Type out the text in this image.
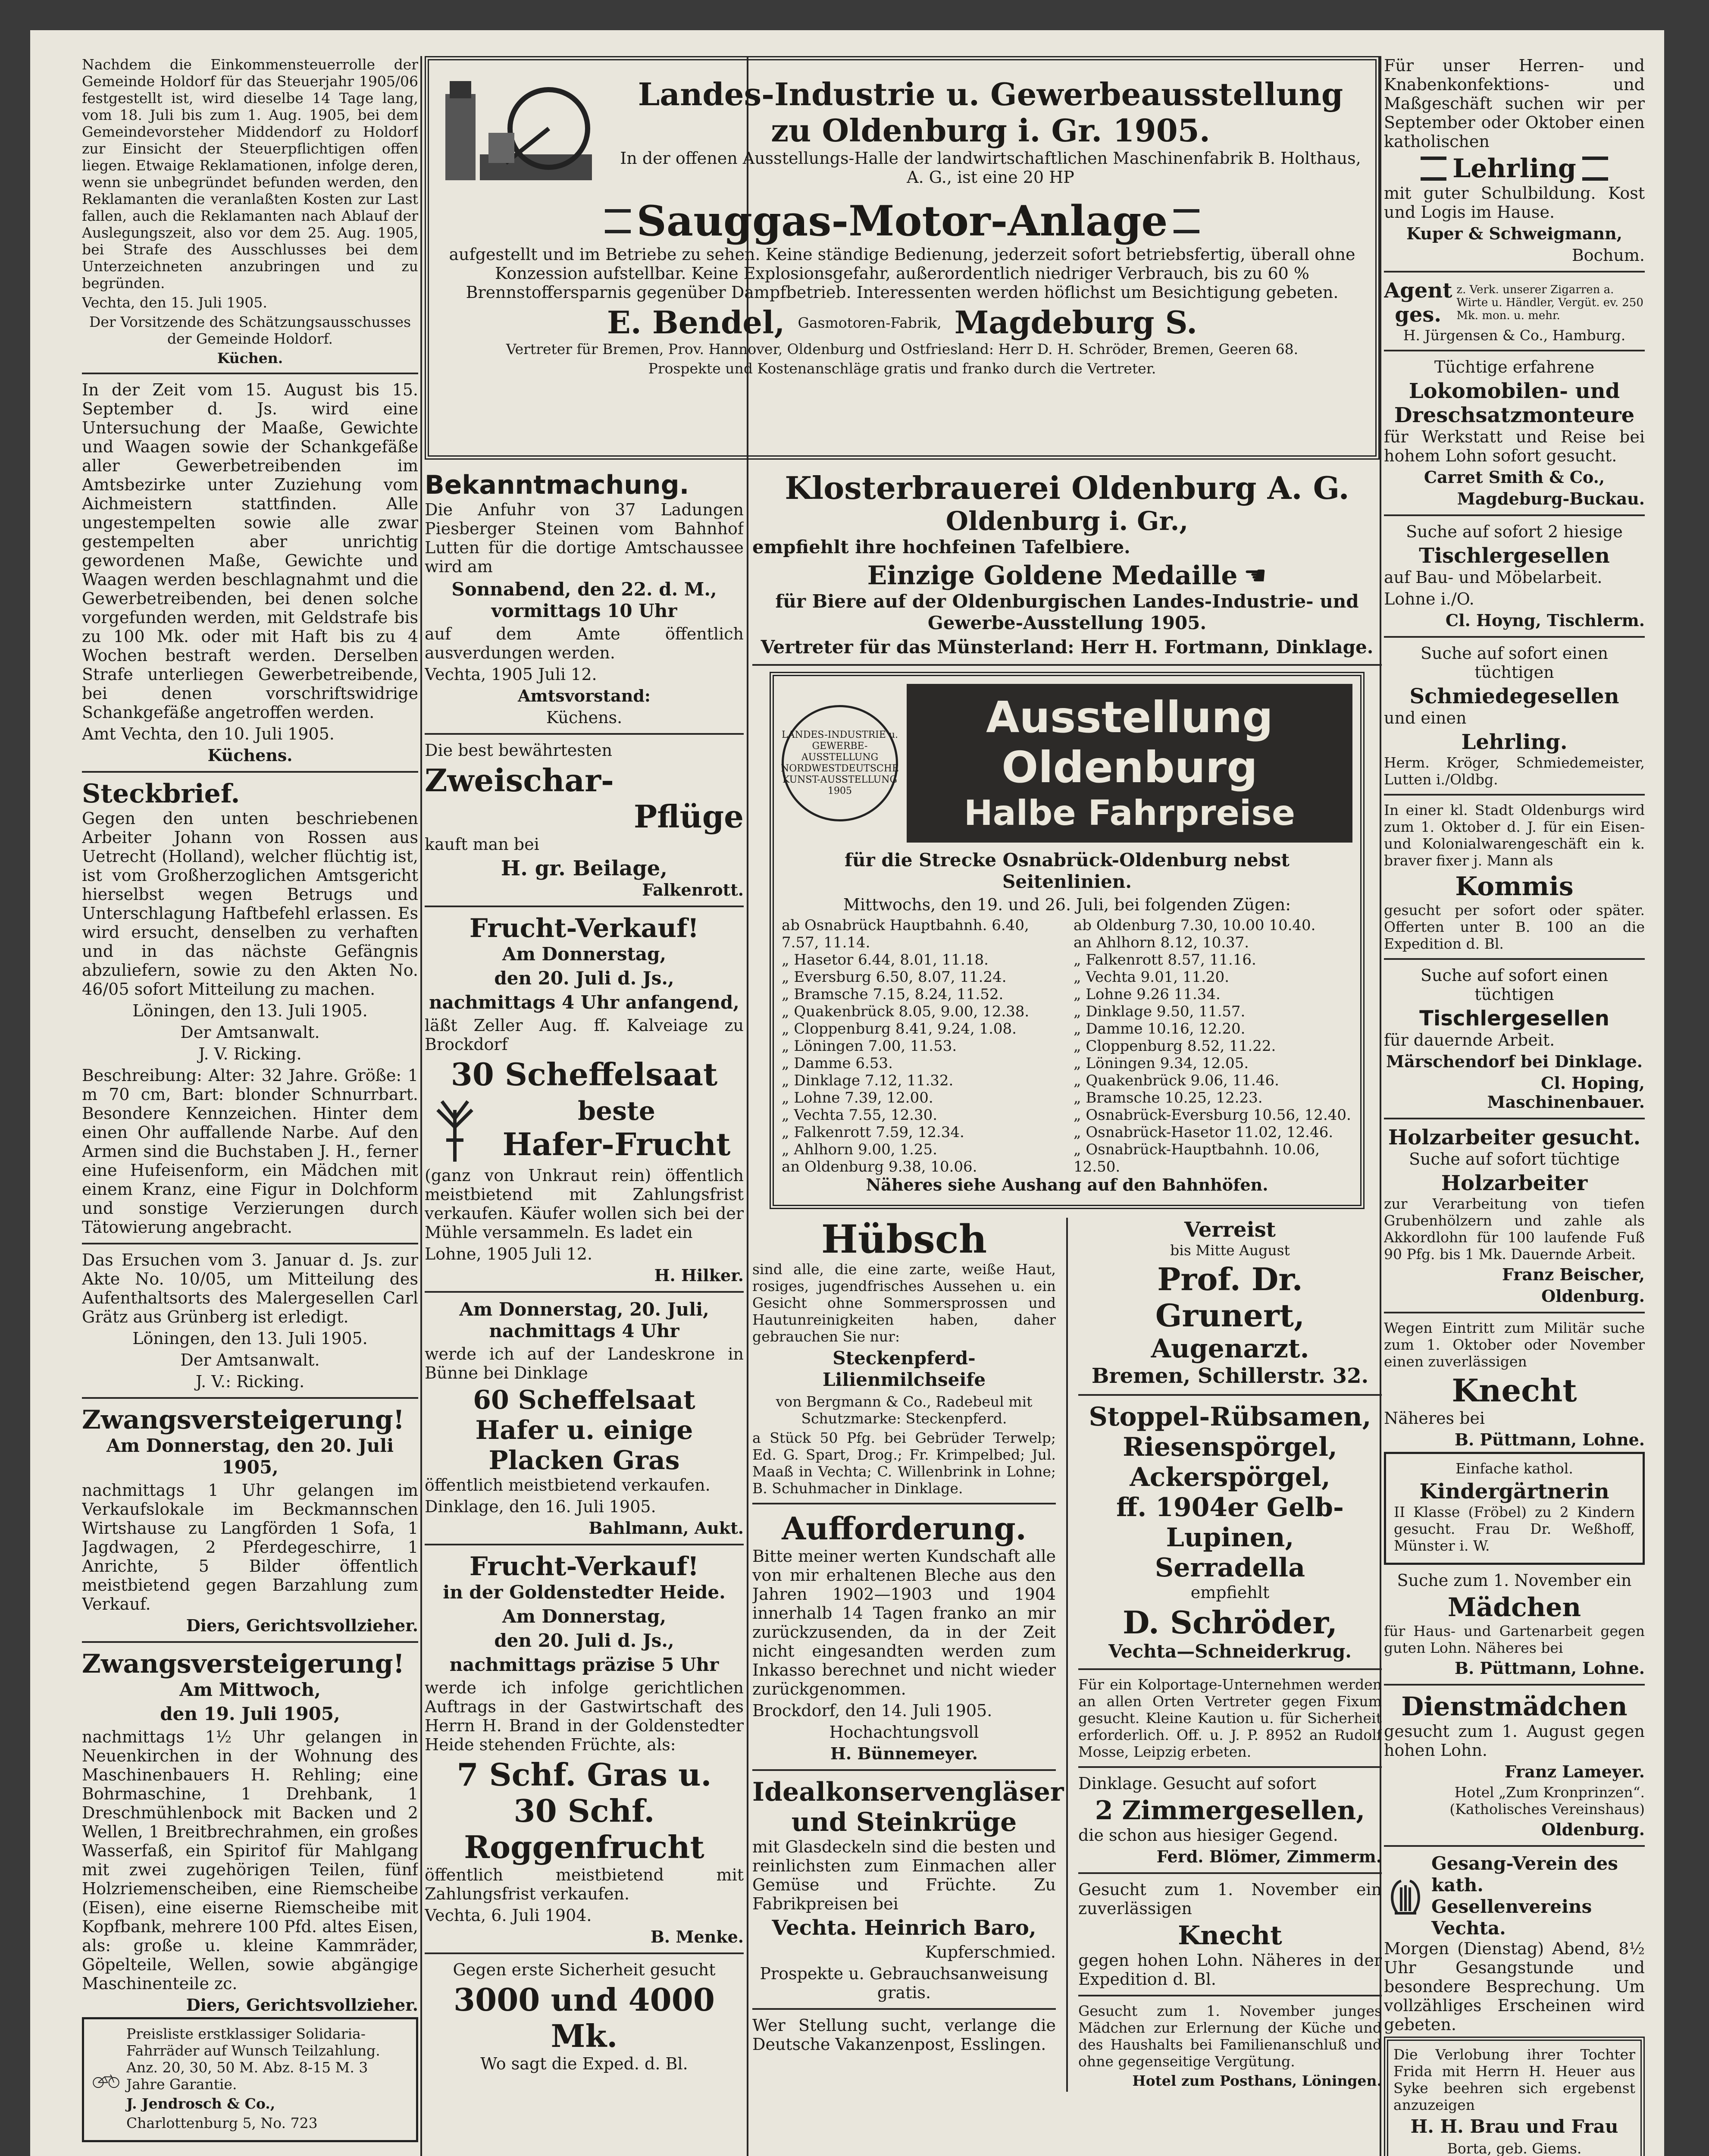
Nachdem die Einkommensteuerrolle der Gemeinde Holdorf für das Steuerjahr 1905/06 festgestellt ist, wird dieselbe 14 Tage lang, vom 18. Juli bis zum 1. Aug. 1905, bei dem Gemeindevorsteher Middendorf zu Holdorf zur Einsicht der Steuerpflichtigen offen liegen. Etwaige Reklamationen, infolge deren, wenn sie unbegründet befunden werden, den Reklamanten die veranlaßten Kosten zur Last fallen, auch die Reklamanten nach Ablauf der Auslegungszeit, also vor dem 25. Aug. 1905, bei Strafe des Ausschlusses bei dem Unterzeichneten anzubringen und zu begründen.

Vechta, den 15. Juli 1905.

Der Vorsitzende des Schätzungsausschusses der Gemeinde Holdorf.

Küchen.

In der Zeit vom 15. August bis 15. September d. Js. wird eine Untersuchung der Maaße, Gewichte und Waagen sowie der Schankgefäße aller Gewerbetreibenden im Amtsbezirke unter Zuziehung vom Aichmeistern stattfinden. Alle ungestempelten sowie alle zwar gestempelten aber unrichtig gewordenen Maße, Gewichte und Waagen werden beschlagnahmt und die Gewerbetreibenden, bei denen solche vorgefunden werden, mit Geldstrafe bis zu 100 Mk. oder mit Haft bis zu 4 Wochen bestraft werden. Derselben Strafe unterliegen Gewerbetreibende, bei denen vorschriftswidrige Schankgefäße angetroffen werden.

Amt Vechta, den 10. Juli 1905.

Küchens.

Steckbrief.

Gegen den unten beschriebenen Arbeiter Johann von Rossen aus Uetrecht (Holland), welcher flüchtig ist, ist vom Großherzoglichen Amtsgericht hierselbst wegen Betrugs und Unterschlagung Haftbefehl erlassen. Es wird ersucht, denselben zu verhaften und in das nächste Gefängnis abzuliefern, sowie zu den Akten No. 46/05 sofort Mitteilung zu machen.

Löningen, den 13. Juli 1905.

Der Amtsanwalt.

J. V. Ricking.

Beschreibung: Alter: 32 Jahre. Größe: 1 m 70 cm, Bart: blonder Schnurrbart. Besondere Kennzeichen. Hinter dem einen Ohr auffallende Narbe. Auf den Armen sind die Buchstaben J. H., ferner eine Hufeisenform, ein Mädchen mit einem Kranz, eine Figur in Dolchform und sonstige Verzierungen durch Tätowierung angebracht.

Das Ersuchen vom 3. Januar d. Js. zur Akte No. 10/05, um Mitteilung des Aufenthaltsorts des Malergesellen Carl Grätz aus Grünberg ist erledigt.

Löningen, den 13. Juli 1905.

Der Amtsanwalt.

J. V.: Ricking.

Zwangsversteigerung!

Am Donnerstag, den 20. Juli 1905,

nachmittags 1 Uhr gelangen im Verkaufslokale im Beckmannschen Wirtshause zu Langförden 1 Sofa, 1 Jagdwagen, 2 Pferdegeschirre, 1 Anrichte, 5 Bilder öffentlich meistbietend gegen Barzahlung zum Verkauf.

Diers, Gerichtsvollzieher.

Zwangsversteigerung!

Am Mittwoch,

den 19. Juli 1905,

nachmittags 1½ Uhr gelangen in Neuenkirchen in der Wohnung des Maschinenbauers H. Rehling; eine Bohrmaschine, 1 Drehbank, 1 Dreschmühlenbock mit Backen und 2 Wellen, 1 Breitbrechrahmen, ein großes Wasserfaß, ein Spiritof für Mahlgang mit zwei zugehörigen Teilen, fünf Holzriemenscheiben, eine Riemscheibe (Eisen), eine eiserne Riemscheibe mit Kopfbank, mehrere 100 Pfd. altes Eisen, als: große u. kleine Kammräder, Göpelteile, Wellen, sowie abgängige Maschinenteile zc.

Diers, Gerichtsvollzieher.

Preisliste erstklassiger Solidaria-Fahrräder auf Wunsch Teilzahlung. Anz. 20, 30, 50 M. Abz. 8-15 M. 3 Jahre Garantie.

J. Jendrosch & Co.,

Charlottenburg 5, No. 723

Landes-Industrie u. Gewerbeausstellung
zu Oldenburg i. Gr. 1905.

In der offenen Ausstellungs-Halle der landwirtschaftlichen Maschinenfabrik B. Holthaus, A. G., ist eine 20 HP

Sauggas-Motor-Anlage

aufgestellt und im Betriebe zu sehen. Keine ständige Bedienung, jederzeit sofort betriebsfertig, überall ohne Konzession aufstellbar. Keine Explosionsgefahr, außerordentlich niedriger Verbrauch, bis zu 60 % Brennstoffersparnis gegenüber Dampfbetrieb. Interessenten werden höflichst um Besichtigung gebeten.

E. Bendel, Gasmotoren-Fabrik, Magdeburg S.

Vertreter für Bremen, Prov. Hannover, Oldenburg und Ostfriesland: Herr D. H. Schröder, Bremen, Geeren 68.

Prospekte und Kostenanschläge gratis und franko durch die Vertreter.

Bekanntmachung.

Die Anfuhr von 37 Ladungen Piesberger Steinen vom Bahnhof Lutten für die dortige Amtschaussee wird am

Sonnabend, den 22. d. M., vormittags 10 Uhr

auf dem Amte öffentlich ausverdungen werden.

Vechta, 1905 Juli 12.

Amtsvorstand:

Küchens.

Die best bewährtesten

Zweischar-
Pflüge

kauft man bei

H. gr. Beilage,

Falkenrott.

Frucht-Verkauf!

Am Donnerstag,

den 20. Juli d. Js.,

nachmittags 4 Uhr anfangend,

läßt Zeller Aug. ff. Kalveiage zu Brockdorf

30 Scheffelsaat
beste
Hafer-Frucht

(ganz von Unkraut rein) öffentlich meistbietend mit Zahlungsfrist verkaufen. Käufer wollen sich bei der Mühle versammeln. Es ladet ein

Lohne, 1905 Juli 12.

H. Hilker.

Am Donnerstag, 20. Juli, nachmittags 4 Uhr

werde ich auf der Landeskrone in Bünne bei Dinklage

60 Scheffelsaat
Hafer u. einige
Placken Gras

öffentlich meistbietend verkaufen.

Dinklage, den 16. Juli 1905.

Bahlmann, Aukt.

Frucht-Verkauf!

in der Goldenstedter Heide.

Am Donnerstag,

den 20. Juli d. Js.,

nachmittags präzise 5 Uhr

werde ich infolge gerichtlichen Auftrags in der Gastwirtschaft des Herrn H. Brand in der Goldenstedter Heide stehenden Früchte, als:

7 Schf. Gras u.
30 Schf.
Roggenfrucht

öffentlich meistbietend mit Zahlungsfrist verkaufen.

Vechta, 6. Juli 1904.

B. Menke.

Gegen erste Sicherheit gesucht

3000 und 4000 Mk.

Wo sagt die Exped. d. Bl.

Klosterbrauerei Oldenburg A. G.
Oldenburg i. Gr.,

empfiehlt ihre hochfeinen Tafelbiere.

Einzige Goldene Medaille ☚

für Biere auf der Oldenburgischen Landes-Industrie- und Gewerbe-Ausstellung 1905.

Vertreter für das Münsterland: Herr H. Fortmann, Dinklage.

LANDES-INDUSTRIE u. GEWERBE-AUSSTELLUNG NORDWESTDEUTSCHE KUNST-AUSSTELLUNG 1905
Ausstellung
Oldenburg
Halbe Fahrpreise

für die Strecke Osnabrück-Oldenburg nebst Seitenlinien.

Mittwochs, den 19. und 26. Juli, bei folgenden Zügen:

ab Osnabrück Hauptbahnh. 6.40, 7.57, 11.14.
„ Hasetor 6.44, 8.01, 11.18.
„ Eversburg 6.50, 8.07, 11.24.
„ Bramsche 7.15, 8.24, 11.52.
„ Quakenbrück 8.05, 9.00, 12.38.
„ Cloppenburg 8.41, 9.24, 1.08.
„ Löningen 7.00, 11.53.
„ Damme 6.53.
„ Dinklage 7.12, 11.32.
„ Lohne 7.39, 12.00.
„ Vechta 7.55, 12.30.
„ Falkenrott 7.59, 12.34.
„ Ahlhorn 9.00, 1.25.
an Oldenburg 9.38, 10.06.
ab Oldenburg 7.30, 10.00 10.40.
an Ahlhorn 8.12, 10.37.
„ Falkenrott 8.57, 11.16.
„ Vechta 9.01, 11.20.
„ Lohne 9.26 11.34.
„ Dinklage 9.50, 11.57.
„ Damme 10.16, 12.20.
„ Cloppenburg 8.52, 11.22.
„ Löningen 9.34, 12.05.
„ Quakenbrück 9.06, 11.46.
„ Bramsche 10.25, 12.23.
„ Osnabrück-Eversburg 10.56, 12.40.
„ Osnabrück-Hasetor 11.02, 12.46.
„ Osnabrück-Hauptbahnh. 10.06, 12.50.

Näheres siehe Aushang auf den Bahnhöfen.

Hübsch

sind alle, die eine zarte, weiße Haut, rosiges, jugendfrisches Aussehen u. ein Gesicht ohne Sommersprossen und Hautunreinigkeiten haben, daher gebrauchen Sie nur:

Steckenpferd-Lilienmilchseife

von Bergmann & Co., Radebeul mit Schutzmarke: Steckenpferd.

a Stück 50 Pfg. bei Gebrüder Terwelp; Ed. G. Spart, Drog.; Fr. Krimpelbed; Jul. Maaß in Vechta; C. Willenbrink in Lohne; B. Schuhmacher in Dinklage.

Aufforderung.

Bitte meiner werten Kundschaft alle von mir erhaltenen Bleche aus den Jahren 1902—1903 und 1904 innerhalb 14 Tagen franko an mir zurückzusenden, da in der Zeit nicht eingesandten werden zum Inkasso berechnet und nicht wieder zurückgenommen.

Brockdorf, den 14. Juli 1905.

Hochachtungsvoll

H. Bünnemeyer.

Idealkonservengläser
und Steinkrüge

mit Glasdeckeln sind die besten und reinlichsten zum Einmachen aller Gemüse und Früchte. Zu Fabrikpreisen bei

Vechta. Heinrich Baro,

Kupferschmied.

Prospekte u. Gebrauchsanweisung gratis.

Wer Stellung sucht, verlange die Deutsche Vakanzenpost, Esslingen.

Verreist

bis Mitte August

Prof. Dr. Grunert,
Augenarzt.
Bremen, Schillerstr. 32.
Stoppel-Rübsamen,
Riesenspörgel,
Ackerspörgel,
ff. 1904er Gelb-Lupinen,
Serradella

empfiehlt

D. Schröder,

Vechta—Schneiderkrug.

Für ein Kolportage-Unternehmen werden an allen Orten Vertreter gegen Fixum gesucht. Kleine Kaution u. für Sicherheit erforderlich. Off. u. J. P. 8952 an Rudolf Mosse, Leipzig erbeten.

Dinklage. Gesucht auf sofort

2 Zimmergesellen,

die schon aus hiesiger Gegend.

Ferd. Blömer, Zimmerm.

Gesucht zum 1. November ein zuverlässigen

Knecht

gegen hohen Lohn. Näheres in der Expedition d. Bl.

Gesucht zum 1. November junges Mädchen zur Erlernung der Küche und des Haushalts bei Familienanschluß und ohne gegenseitige Vergütung.

Hotel zum Posthans, Löningen.

Für unser Herren- und Knabenkonfektions- und Maßgeschäft suchen wir per September oder Oktober einen katholischen

Lehrling

mit guter Schulbildung. Kost und Logis im Hause.

Kuper & Schweigmann,

Bochum.

Agent ges.
z. Verk. unserer Zigarren a. Wirte u. Händler, Vergüt. ev. 250 Mk. mon. u. mehr.

H. Jürgensen & Co., Hamburg.

Tüchtige erfahrene

Lokomobilen- und
Dreschsatzmonteure

für Werkstatt und Reise bei hohem Lohn sofort gesucht.

Carret Smith & Co.,

Magdeburg-Buckau.

Suche auf sofort 2 hiesige

Tischlergesellen

auf Bau- und Möbelarbeit.

Lohne i./O.

Cl. Hoyng, Tischlerm.

Suche auf sofort einen tüchtigen

Schmiedegesellen

und einen

Lehrling.

Herm. Kröger, Schmiedemeister, Lutten i./Oldbg.

In einer kl. Stadt Oldenburgs wird zum 1. Oktober d. J. für ein Eisen- und Kolonialwarengeschäft ein k. braver fixer j. Mann als

Kommis

gesucht per sofort oder später. Offerten unter B. 100 an die Expedition d. Bl.

Suche auf sofort einen tüchtigen

Tischlergesellen

für dauernde Arbeit.

Märschendorf bei Dinklage.

Cl. Hoping, Maschinenbauer.

Holzarbeiter gesucht.

Suche auf sofort tüchtige

Holzarbeiter

zur Verarbeitung von tiefen Grubenhölzern und zahle als Akkordlohn für 100 laufende Fuß 90 Pfg. bis 1 Mk. Dauernde Arbeit.

Franz Beischer,

Oldenburg.

Wegen Eintritt zum Militär suche zum 1. Oktober oder November einen zuverlässigen

Knecht

Näheres bei

B. Püttmann, Lohne.

Einfache kathol.

Kindergärtnerin

II Klasse (Fröbel) zu 2 Kindern gesucht. Frau Dr. Weßhoff, Münster i. W.

Suche zum 1. November ein

Mädchen

für Haus- und Gartenarbeit gegen guten Lohn. Näheres bei

B. Püttmann, Lohne.

Dienstmädchen

gesucht zum 1. August gegen hohen Lohn.

Franz Lameyer.

Hotel „Zum Kronprinzen“. (Katholisches Vereinshaus)

Oldenburg.

Gesang-Verein des kath. Gesellenvereins Vechta.

Morgen (Dienstag) Abend, 8½ Uhr Gesangstunde und besondere Besprechung. Um vollzähliges Erscheinen wird gebeten.

Die Verlobung ihrer Tochter Frida mit Herrn H. Heuer aus Syke beehren sich ergebenst anzuzeigen

H. H. Brau und Frau

Borta, geb. Giems.
